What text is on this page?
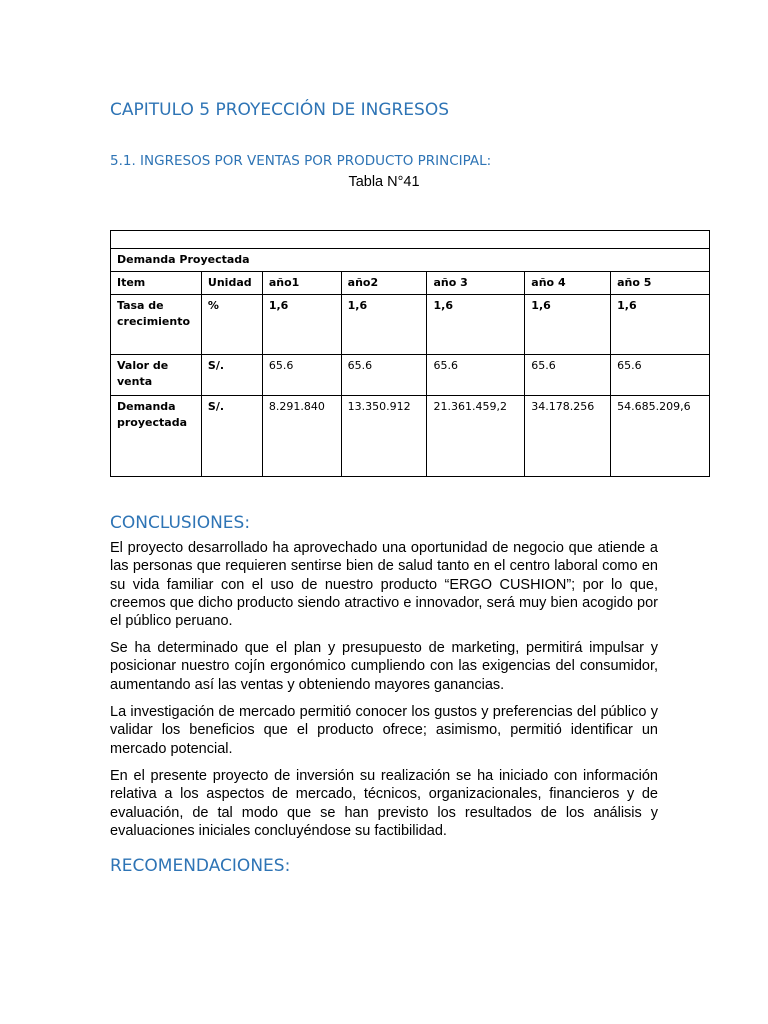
CAPITULO 5 PROYECCIÓN DE INGRESOS
5.1. INGRESOS POR VENTAS POR PRODUCTO PRINCIPAL:
Tabla N°41

Demanda Proyectada						
Item	Unidad	año1	año2	año 3	año 4	año 5
Tasa de crecimiento	%	1,6	1,6	1,6	1,6	1,6
Valor de venta	S/.	65.6	65.6	65.6	65.6	65.6
Demanda proyectada	S/.	8.291.840	13.350.912	21.361.459,2	34.178.256	54.685.209,6
CONCLUSIONES:
El proyecto desarrollado ha aprovechado una oportunidad de negocio que atiende a las personas que requieren sentirse bien de salud tanto en el centro laboral como en su vida familiar con el uso de nuestro producto “ERGO CUSHION”; por lo que, creemos que dicho producto siendo atractivo e innovador, será muy bien acogido por el público peruano.
Se ha determinado que el plan y presupuesto de marketing, permitirá impulsar y posicionar nuestro cojín ergonómico cumpliendo con las exigencias del consumidor, aumentando así las ventas y obteniendo mayores ganancias.
La investigación de mercado permitió conocer los gustos y preferencias del público y validar los beneficios que el producto ofrece; asimismo, permitió identificar un mercado potencial.
En el presente proyecto de inversión su realización se ha iniciado con información relativa a los aspectos de mercado, técnicos, organizacionales, financieros y de evaluación, de tal modo que se han previsto los resultados de los análisis y evaluaciones iniciales concluyéndose su factibilidad.
RECOMENDACIONES:
